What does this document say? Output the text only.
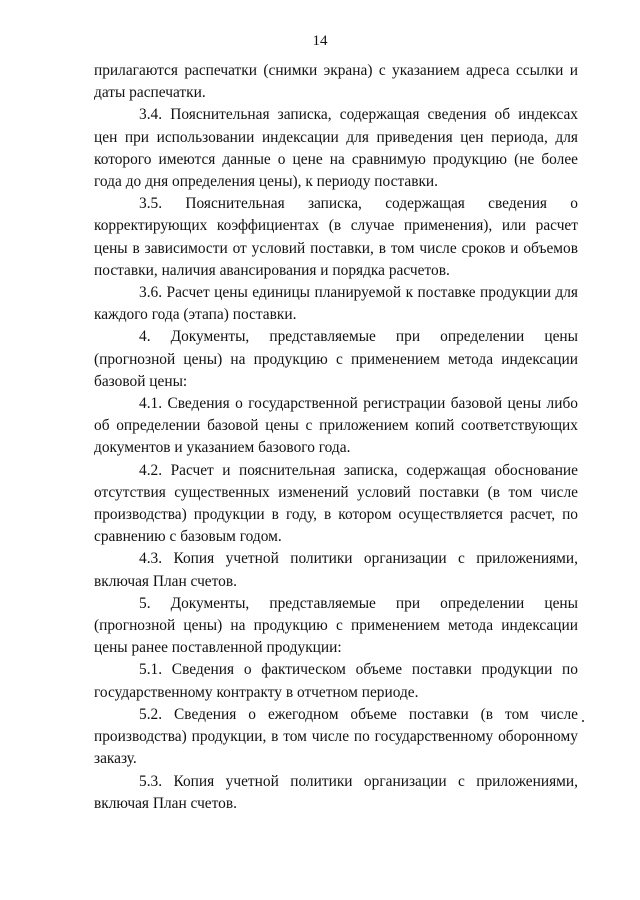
14

прилагаются распечатки (снимки экрана) с указанием адреса ссылки и даты распечатки.

3.4. Пояснительная записка, содержащая сведения об индексах цен при использовании индексации для приведения цен периода, для которого имеются данные о цене на сравнимую продукцию (не более года до дня определения цены), к периоду поставки.

3.5. Пояснительная записка, содержащая сведения о корректирующих коэффициентах (в случае применения), или расчет цены в зависимости от условий поставки, в том числе сроков и объемов поставки, наличия авансирования и порядка расчетов.

3.6. Расчет цены единицы планируемой к поставке продукции для каждого года (этапа) поставки.

4. Документы, представляемые при определении цены (прогнозной цены) на продукцию с применением метода индексации базовой цены:

4.1. Сведения о государственной регистрации базовой цены либо об определении базовой цены с приложением копий соответствующих документов и указанием базового года.

4.2. Расчет и пояснительная записка, содержащая обоснование отсутствия существенных изменений условий поставки (в том числе производства) продукции в году, в котором осуществляется расчет, по сравнению с базовым годом.

4.3. Копия учетной политики организации с приложениями, включая План счетов.

5. Документы, представляемые при определении цены (прогнозной цены) на продукцию с применением метода индексации цены ранее поставленной продукции:

5.1. Сведения о фактическом объеме поставки продукции по государственному контракту в отчетном периоде.

5.2. Сведения о ежегодном объеме поставки (в том числе производства) продукции, в том числе по государственному оборонному заказу.

5.3. Копия учетной политики организации с приложениями, включая План счетов.
